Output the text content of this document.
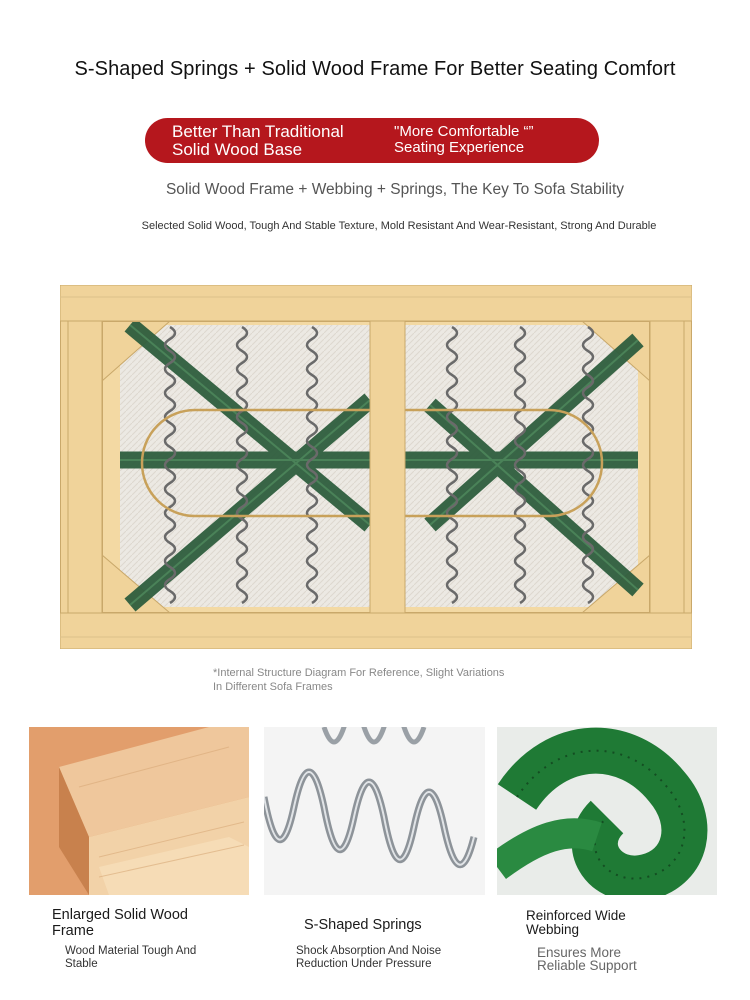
S-Shaped Springs + Solid Wood Frame For Better Seating Comfort
Better Than Traditional
Solid Wood Base
"More Comfortable “”
Seating Experience
Solid Wood Frame + Webbing + Springs, The Key To Sofa Stability
Selected Solid Wood, Tough And Stable Texture, Mold Resistant And Wear-Resistant, Strong And Durable
*Internal Structure Diagram For Reference, Slight Variations
In Different Sofa Frames
Enlarged Solid Wood
Frame
Wood Material Tough And
Stable
S-Shaped Springs
Shock Absorption And Noise
Reduction Under Pressure
Reinforced Wide
Webbing
Ensures More
Reliable Support
